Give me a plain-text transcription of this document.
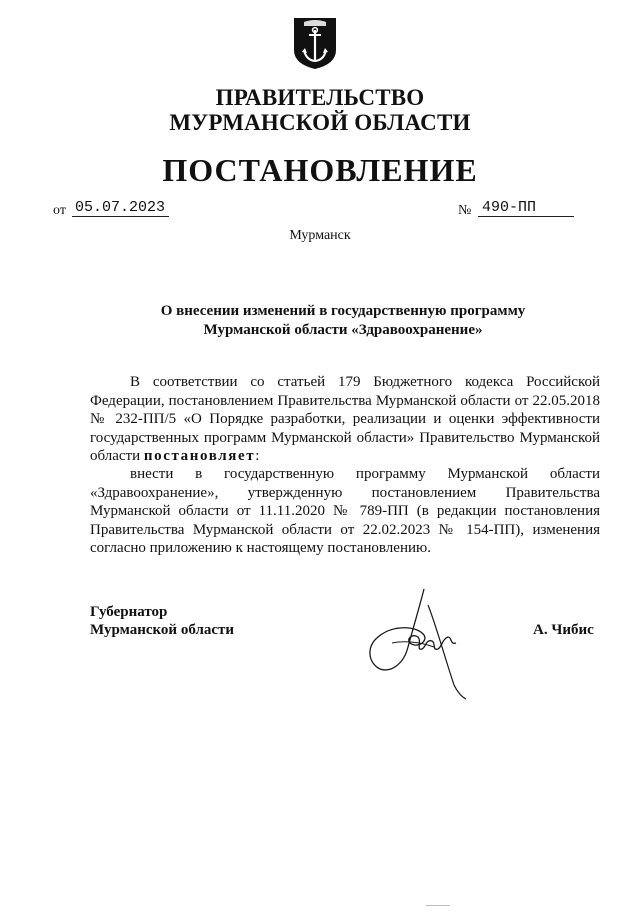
ПРАВИТЕЛЬСТВО
МУРМАНСКОЙ ОБЛАСТИ
ПОСТАНОВЛЕНИЕ
от 05.07.2023	№ 490-ПП
Мурманск
О внесении изменений в государственную программу
Мурманской области «Здравоохранение»

В соответствии со статьей 179 Бюджетного кодекса Российской Федерации, постановлением Правительства Мурманской области от 22.05.2018 № 232-ПП/5 «О Порядке разработки, реализации и оценки эффективности государственных программ Мурманской области» Правительство Мурманской области постановляет:

внести в государственную программу Мурманской области «Здравоохранение», утвержденную постановлением Правительства Мурманской области от 11.11.2020 № 789-ПП (в редакции постановления Правительства Мурманской области от 22.02.2023 № 154-ПП), изменения согласно приложению к настоящему постановлению.

Губернатор
Мурманской области	А. Чибис
